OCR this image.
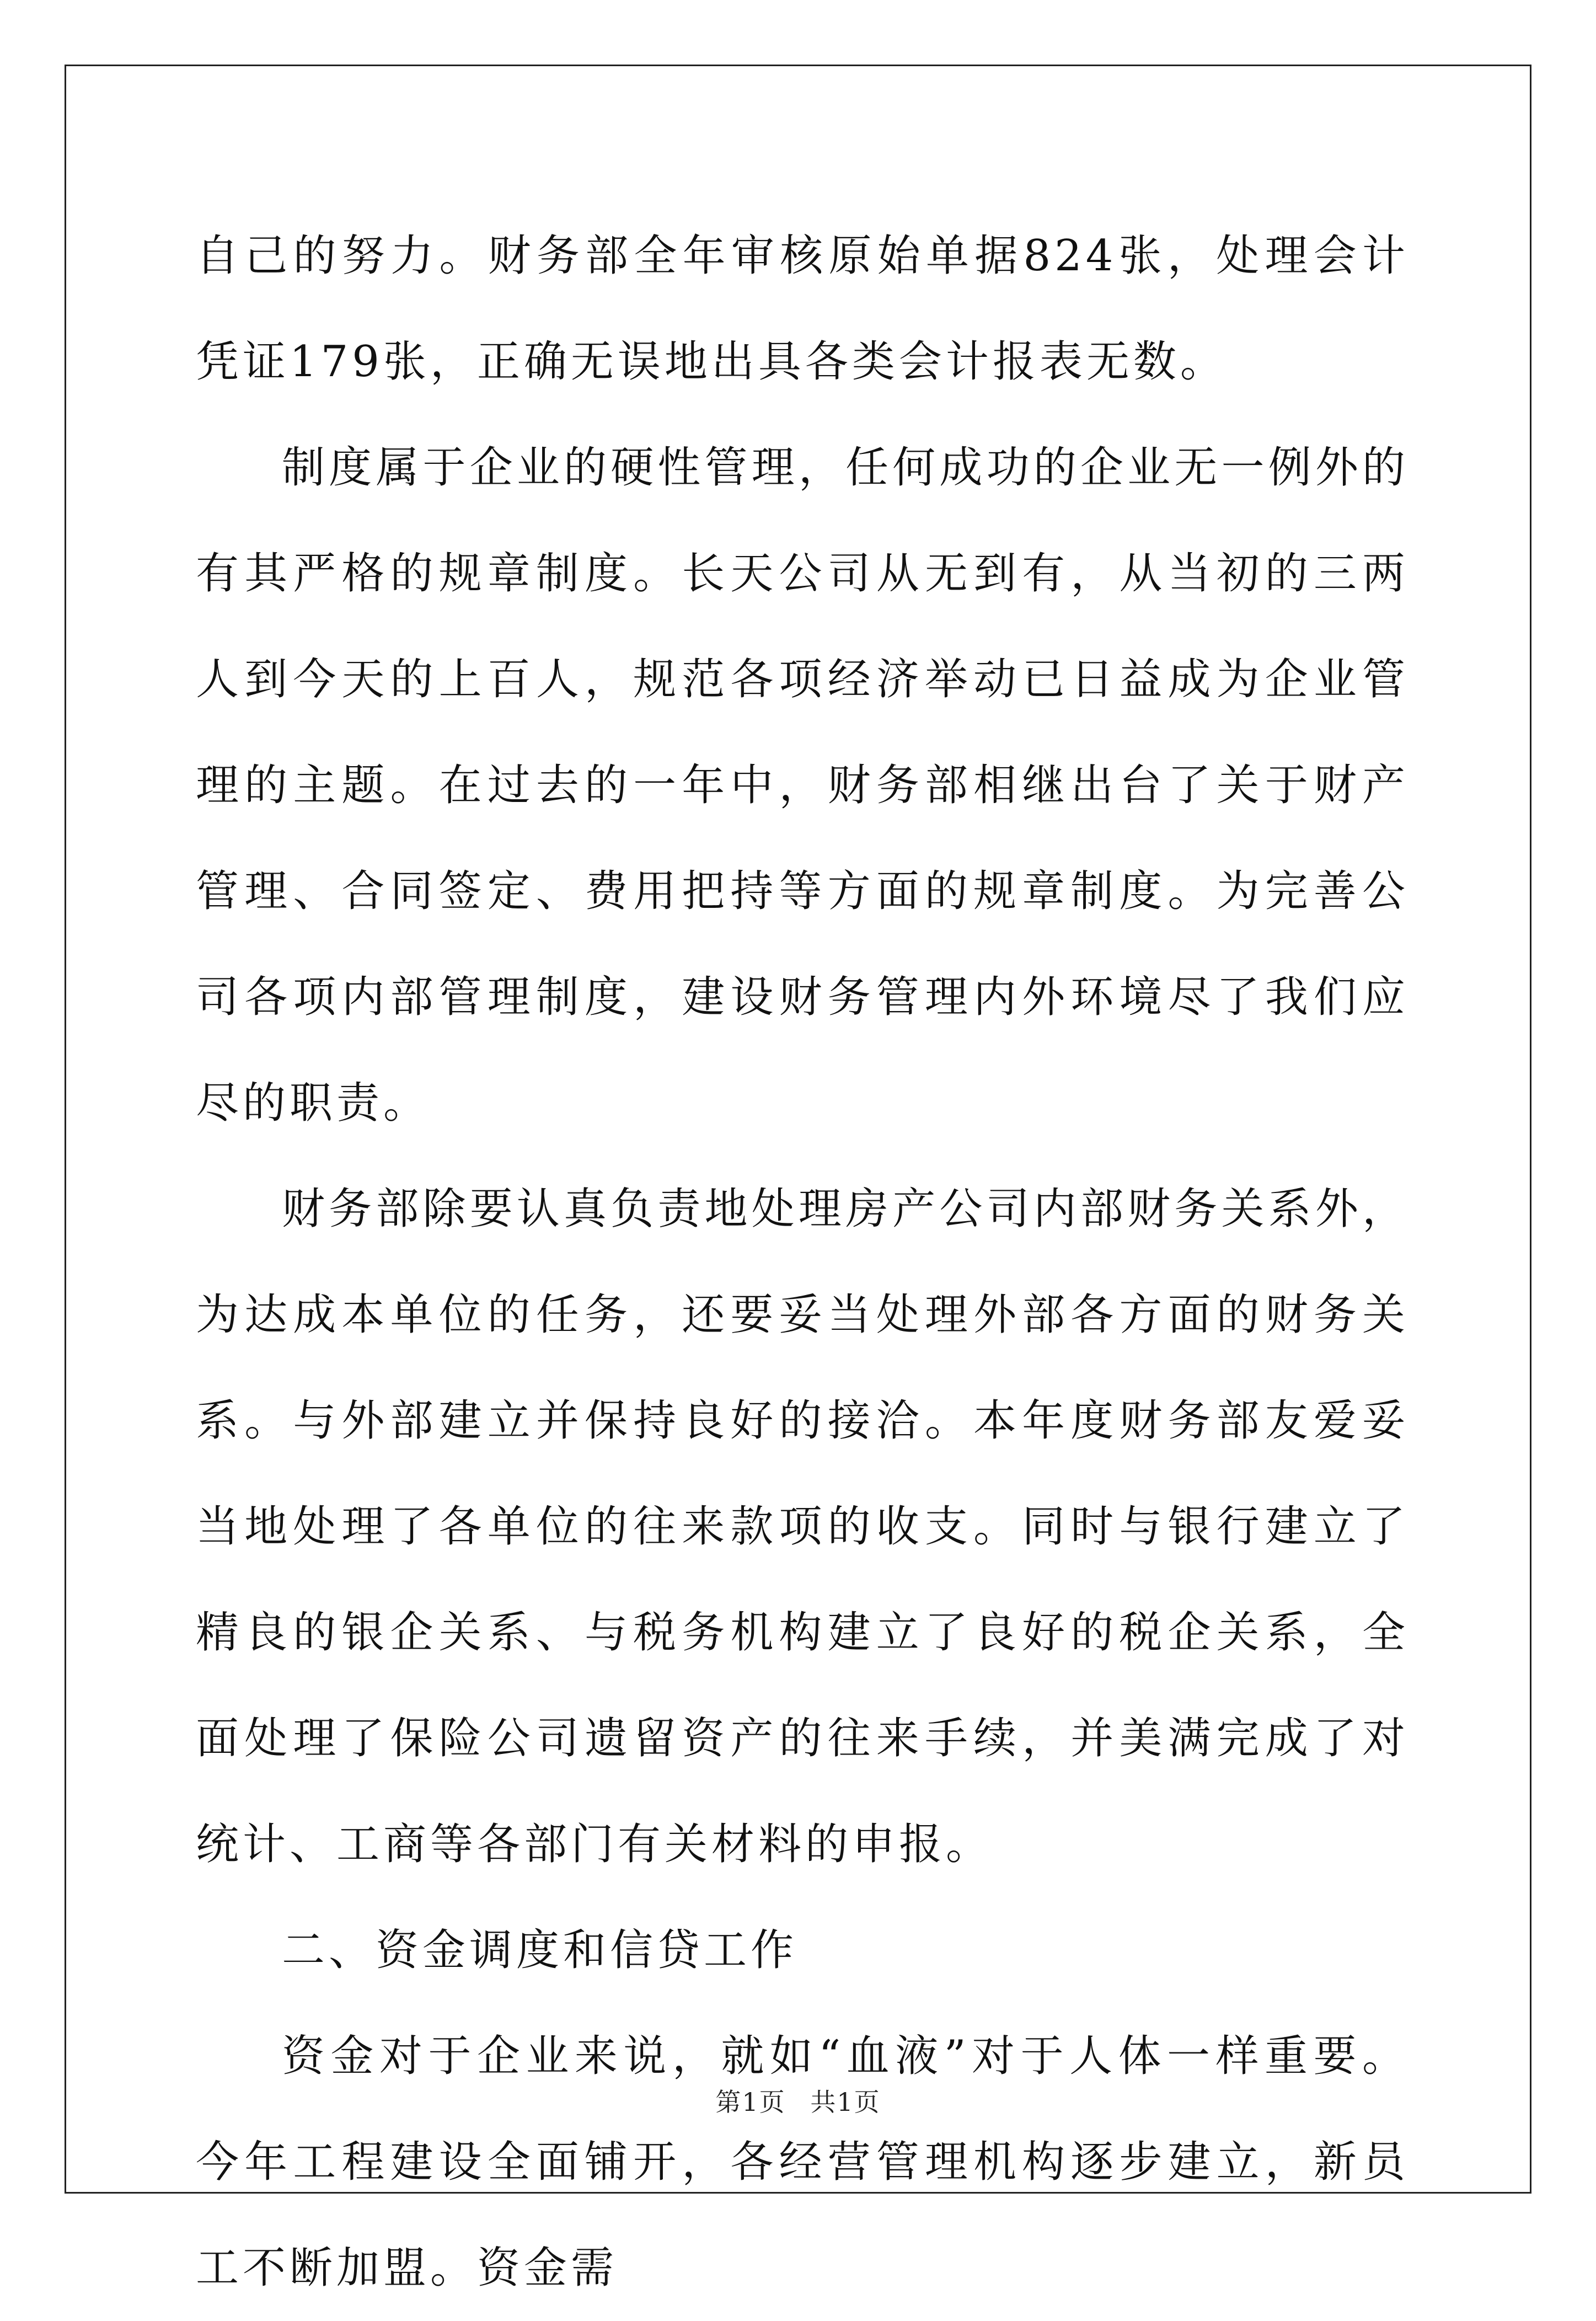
自己的努力。财务部全年审核原始单据824张，处理会计凭证179张，正确无误地出具各类会计报表无数。

制度属于企业的硬性管理，任何成功的企业无一例外的有其严格的规章制度。长天公司从无到有，从当初的三两人到今天的上百人，规范各项经济举动已日益成为企业管理的主题。在过去的一年中，财务部相继出台了关于财产管理、合同签定、费用把持等方面的规章制度。为完善公司各项内部管理制度，建设财务管理内外环境尽了我们应尽的职责。

财务部除要认真负责地处理房产公司内部财务关系外，为达成本单位的任务，还要妥当处理外部各方面的财务关系。与外部建立并保持良好的接洽。本年度财务部友爱妥当地处理了各单位的往来款项的收支。同时与银行建立了精良的银企关系、与税务机构建立了良好的税企关系，全面处理了保险公司遗留资产的往来手续，并美满完成了对统计、工商等各部门有关材料的申报。

二、资金调度和信贷工作

资金对于企业来说，就如“血液”对于人体一样重要。今年工程建设全面铺开，各经营管理机构逐步建立，新员工不断加盟。资金需

第1页 共1页
